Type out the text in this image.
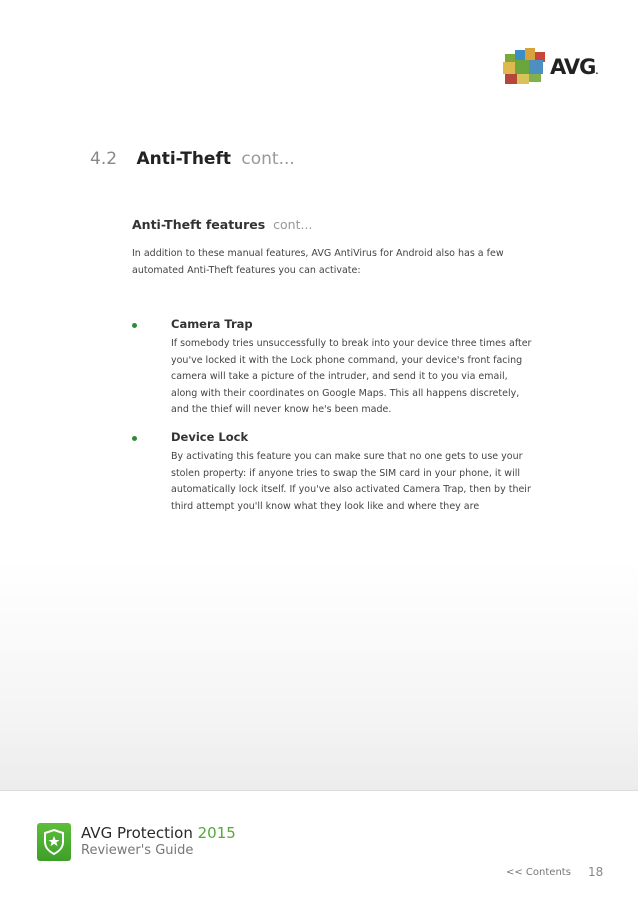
AVG.
4.2 Anti-Theft cont...
Anti-Theft features cont...
In addition to these manual features, AVG AntiVirus for Android also has a few
automated Anti-Theft features you can activate:
Camera Trap
If somebody tries unsuccessfully to break into your device three times after
you've locked it with the Lock phone command, your device's front facing
camera will take a picture of the intruder, and send it to you via email,
along with their coordinates on Google Maps. This all happens discretely,
and the thief will never know he's been made.
Device Lock
By activating this feature you can make sure that no one gets to use your
stolen property: if anyone tries to swap the SIM card in your phone, it will
automatically lock itself. If you've also activated Camera Trap, then by their
third attempt you'll know what they look like and where they are
AVG Protection 2015
Reviewer's Guide
<< Contents 18
